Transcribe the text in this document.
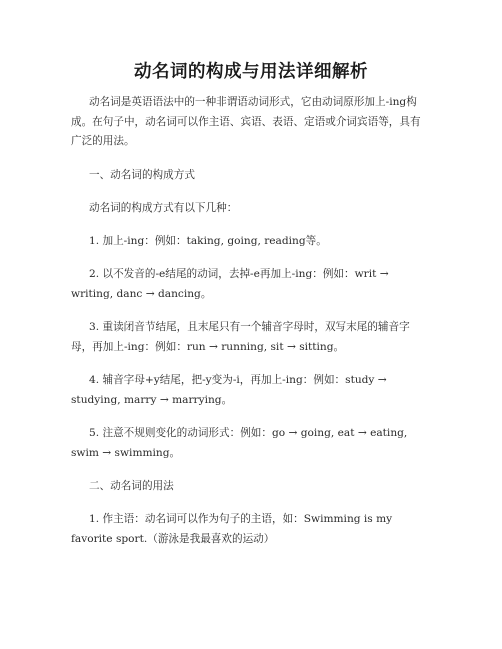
动名词的构成与用法详细解析

动名词是英语语法中的一种非谓语动词形式，它由动词原形加上-ing构成。在句子中，动名词可以作主语、宾语、表语、定语或介词宾语等，具有广泛的用法。

一、动名词的构成方式

动名词的构成方式有以下几种：

1. 加上-ing：例如：taking, going, reading等。

2. 以不发音的-e结尾的动词，去掉-e再加上-ing：例如：writ → writing, danc → dancing。

3. 重读闭音节结尾，且末尾只有一个辅音字母时，双写末尾的辅音字母，再加上-ing：例如：run → running, sit → sitting。

4. 辅音字母+y结尾，把-y变为-i，再加上-ing：例如：study → studying, marry → marrying。

5. 注意不规则变化的动词形式：例如：go → going, eat → eating, swim → swimming。

二、动名词的用法

1. 作主语：动名词可以作为句子的主语，如：Swimming is my favorite sport.（游泳是我最喜欢的运动）
